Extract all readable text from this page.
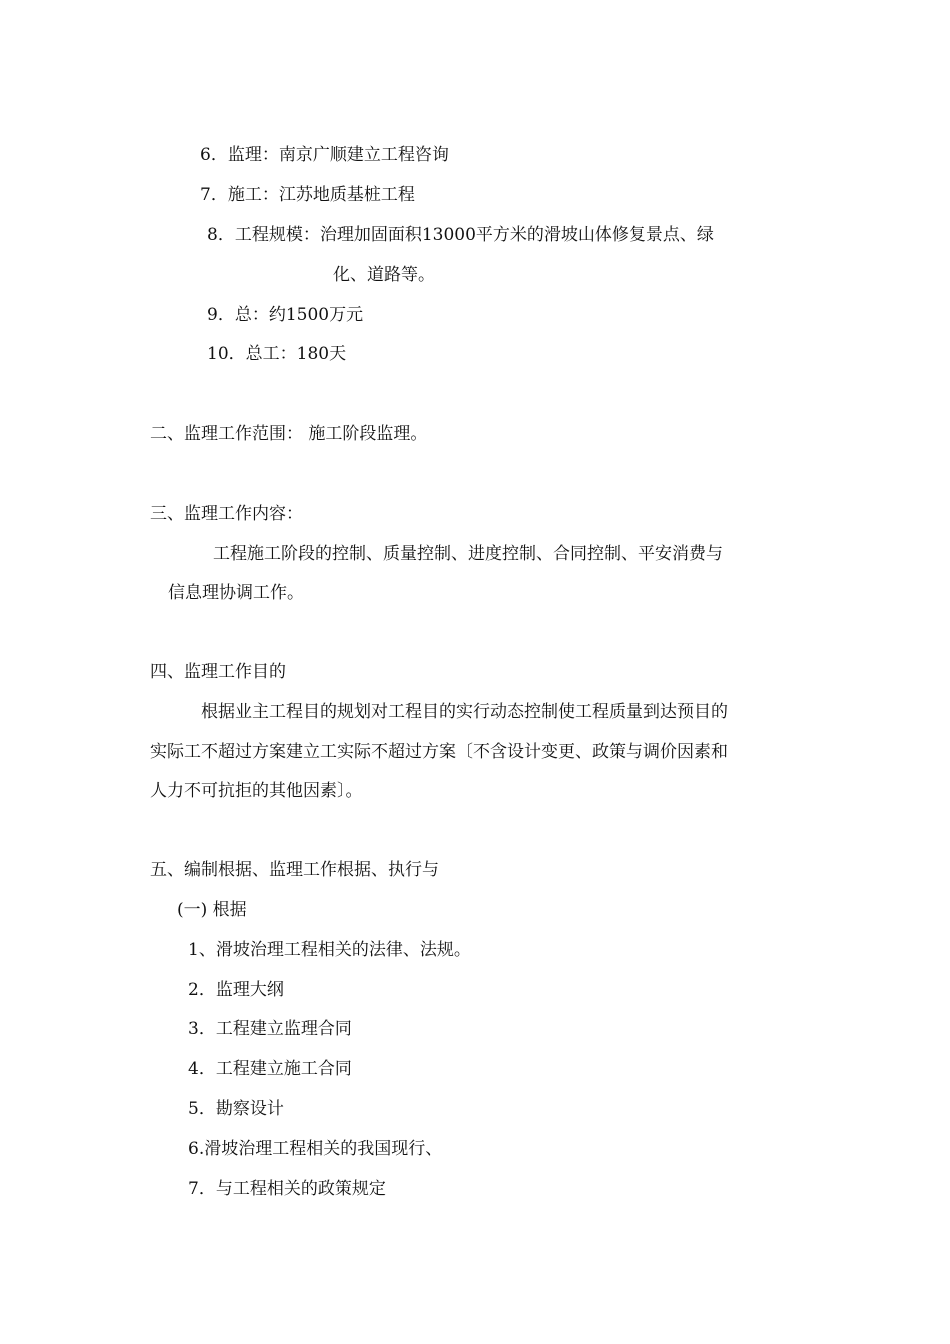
6．监理：南京广顺建立工程咨询
7．施工：江苏地质基桩工程
8．工程规模：治理加固面积13000平方米的滑坡山体修复景点、绿
化、道路等。
9．总：约1500万元
10．总工：180天
二、监理工作范围： 施工阶段监理。
三、监理工作内容：
工程施工阶段的控制、质量控制、进度控制、合同控制、平安消费与
信息理协调工作。
四、监理工作目的
根据业主工程目的规划对工程目的实行动态控制使工程质量到达预目的
实际工不超过方案建立工实际不超过方案〔不含设计变更、政策与调价因素和
人力不可抗拒的其他因素〕。
五、编制根据、监理工作根据、执行与
(一) 根据
1、滑坡治理工程相关的法律、法规。
2．监理大纲
3．工程建立监理合同
4．工程建立施工合同
5．勘察设计
6.滑坡治理工程相关的我国现行、
7．与工程相关的政策规定
